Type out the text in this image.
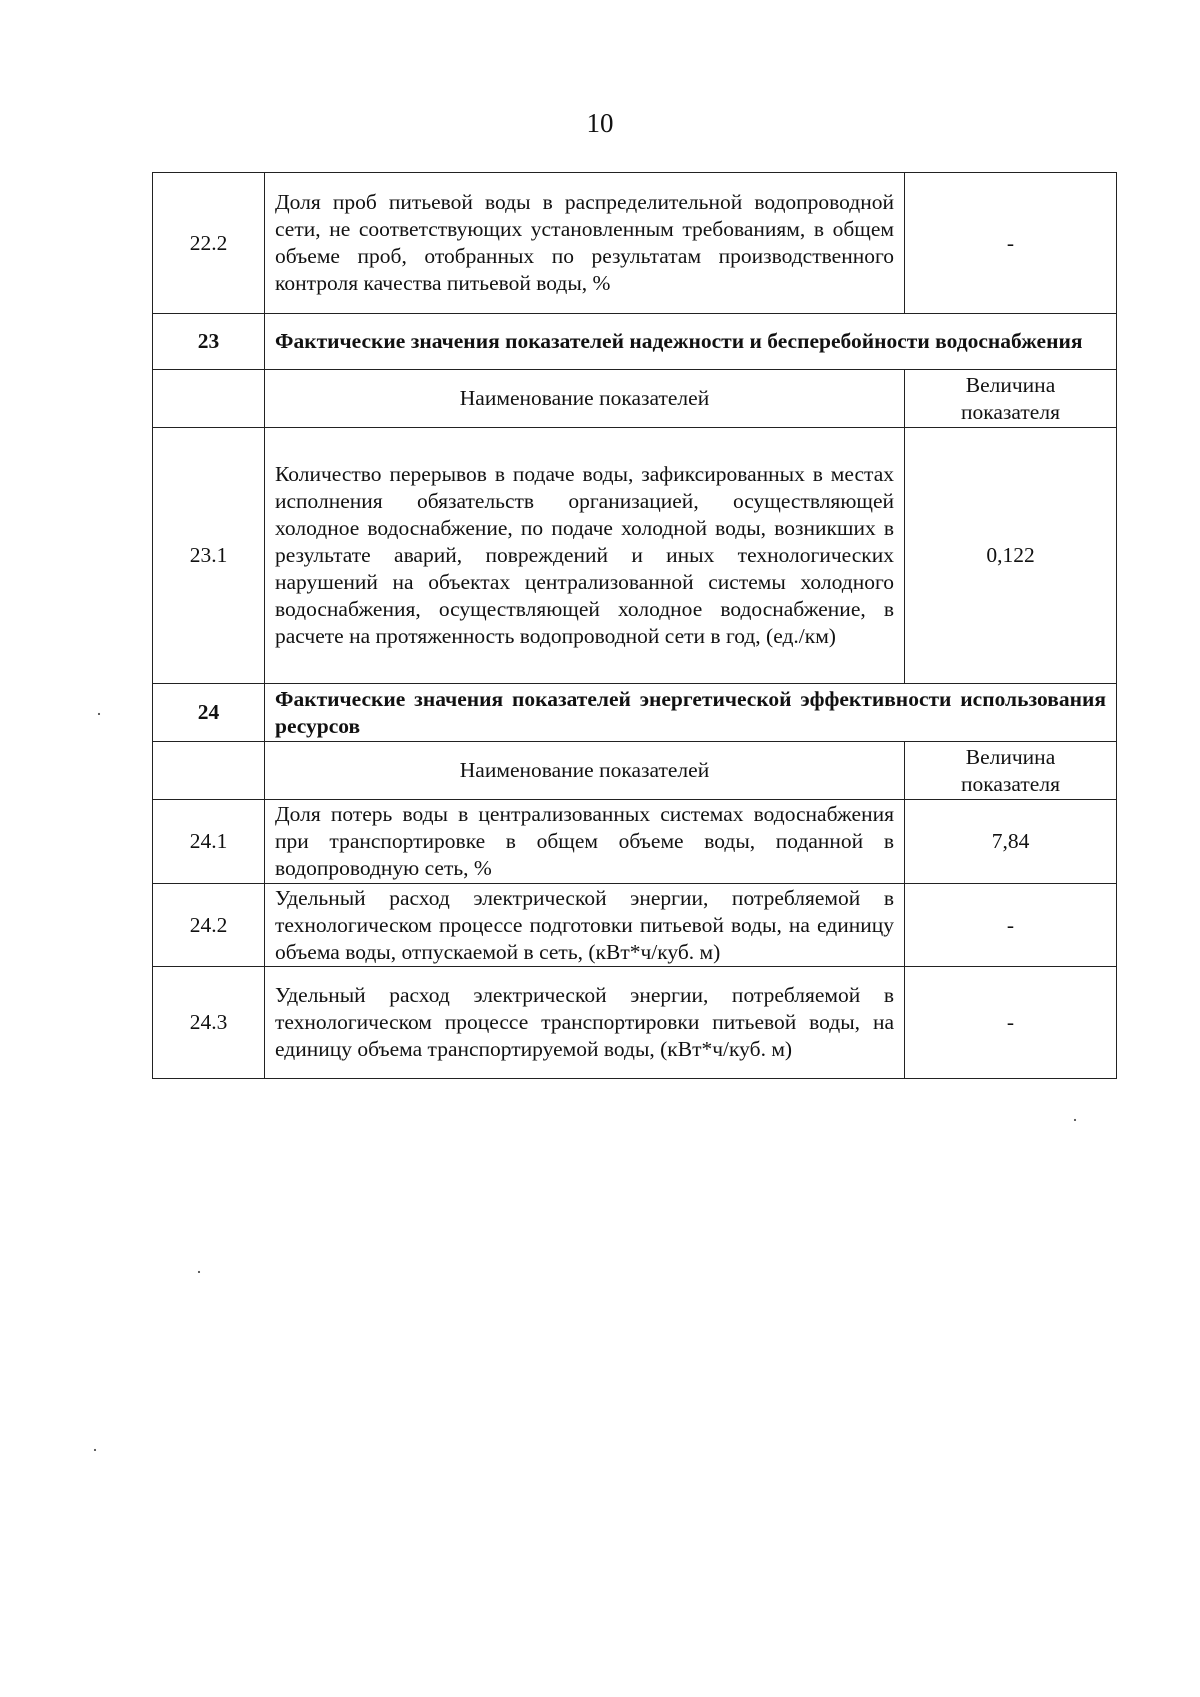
10
22.2	Доля проб питьевой воды в распределительной водопроводной сети, не соответствующих установленным требованиям, в общем объеме проб, отобранных по результатам производственного контроля качества питьевой воды, %	-
23	Фактические значения показателей надежности и бесперебойности водоснабжения	
	Наименование показателей	Величина показателя
23.1	Количество перерывов в подаче воды, зафиксированных в местах исполнения обязательств организацией, осуществляющей холодное водоснабжение, по подаче холодной воды, возникших в результате аварий, повреждений и иных технологических нарушений на объектах централизованной системы холодного водоснабжения, осуществляющей холодное водоснабжение, в расчете на протяженность водопроводной сети в год, (ед./км)	0,122
24	Фактические значения показателей энергетической эффективности использования ресурсов	
	Наименование показателей	Величина показателя
24.1	Доля потерь воды в централизованных системах водоснабжения при транспортировке в общем объеме воды, поданной в водопроводную сеть, %	7,84
24.2	Удельный расход электрической энергии, потребляемой в технологическом процессе подготовки питьевой воды, на единицу объема воды, отпускаемой в сеть, (кВт*ч/куб. м)	-
24.3	Удельный расход электрической энергии, потребляемой в технологическом процессе транспортировки питьевой воды, на единицу объема транспортируемой воды, (кВт*ч/куб. м)	-
·
·
·
·
